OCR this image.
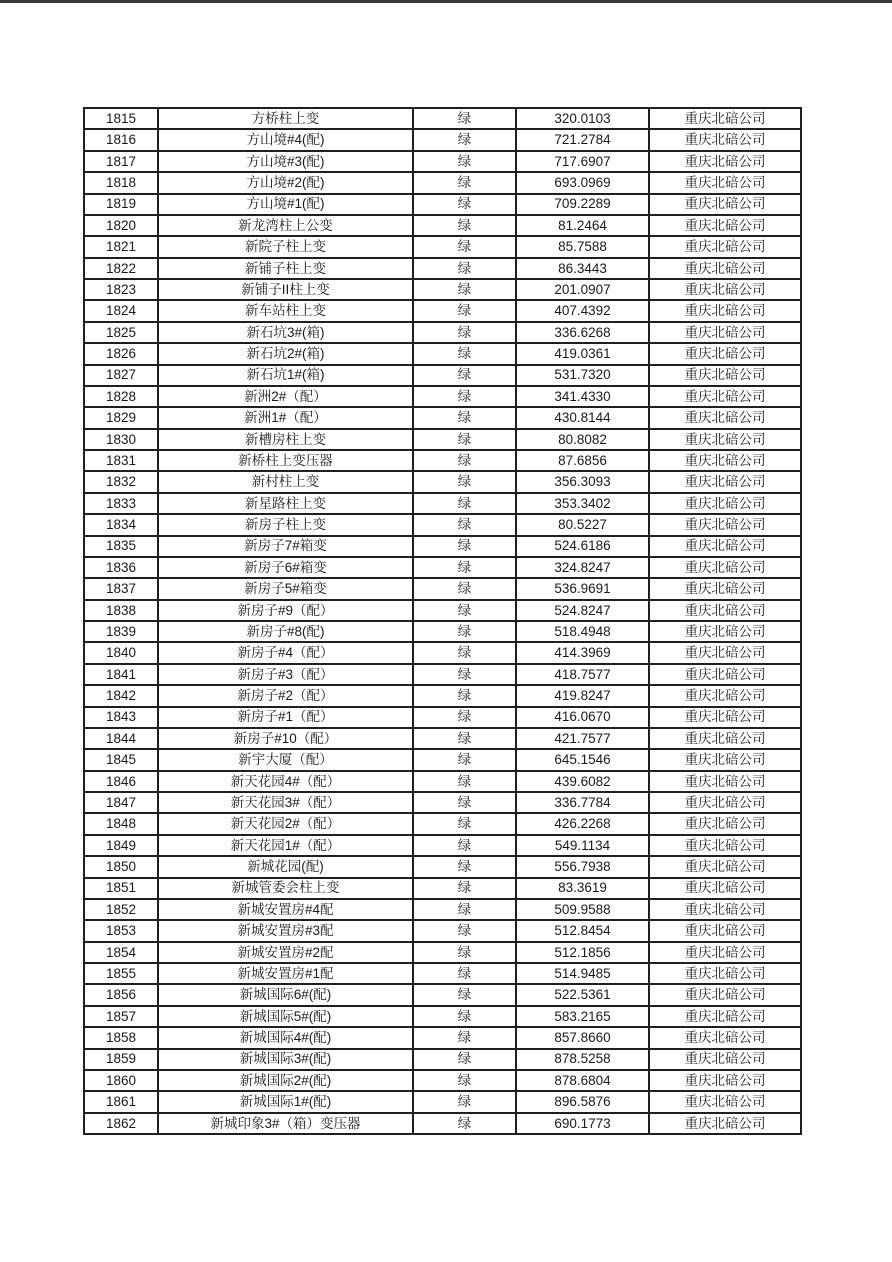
1815	方桥柱上变	绿	320.0103	重庆北碚公司
1816	方山境#4(配)	绿	721.2784	重庆北碚公司
1817	方山境#3(配)	绿	717.6907	重庆北碚公司
1818	方山境#2(配)	绿	693.0969	重庆北碚公司
1819	方山境#1(配)	绿	709.2289	重庆北碚公司
1820	新龙湾柱上公变	绿	81.2464	重庆北碚公司
1821	新院子柱上变	绿	85.7588	重庆北碚公司
1822	新铺子柱上变	绿	86.3443	重庆北碚公司
1823	新铺子II柱上变	绿	201.0907	重庆北碚公司
1824	新车站柱上变	绿	407.4392	重庆北碚公司
1825	新石坑3#(箱)	绿	336.6268	重庆北碚公司
1826	新石坑2#(箱)	绿	419.0361	重庆北碚公司
1827	新石坑1#(箱)	绿	531.7320	重庆北碚公司
1828	新洲2#（配）	绿	341.4330	重庆北碚公司
1829	新洲1#（配）	绿	430.8144	重庆北碚公司
1830	新槽房柱上变	绿	80.8082	重庆北碚公司
1831	新桥柱上变压器	绿	87.6856	重庆北碚公司
1832	新村柱上变	绿	356.3093	重庆北碚公司
1833	新星路柱上变	绿	353.3402	重庆北碚公司
1834	新房子柱上变	绿	80.5227	重庆北碚公司
1835	新房子7#箱变	绿	524.6186	重庆北碚公司
1836	新房子6#箱变	绿	324.8247	重庆北碚公司
1837	新房子5#箱变	绿	536.9691	重庆北碚公司
1838	新房子#9（配）	绿	524.8247	重庆北碚公司
1839	新房子#8(配)	绿	518.4948	重庆北碚公司
1840	新房子#4（配）	绿	414.3969	重庆北碚公司
1841	新房子#3（配）	绿	418.7577	重庆北碚公司
1842	新房子#2（配）	绿	419.8247	重庆北碚公司
1843	新房子#1（配）	绿	416.0670	重庆北碚公司
1844	新房子#10（配）	绿	421.7577	重庆北碚公司
1845	新宇大厦（配）	绿	645.1546	重庆北碚公司
1846	新天花园4#（配）	绿	439.6082	重庆北碚公司
1847	新天花园3#（配）	绿	336.7784	重庆北碚公司
1848	新天花园2#（配）	绿	426.2268	重庆北碚公司
1849	新天花园1#（配）	绿	549.1134	重庆北碚公司
1850	新城花园(配)	绿	556.7938	重庆北碚公司
1851	新城管委会柱上变	绿	83.3619	重庆北碚公司
1852	新城安置房#4配	绿	509.9588	重庆北碚公司
1853	新城安置房#3配	绿	512.8454	重庆北碚公司
1854	新城安置房#2配	绿	512.1856	重庆北碚公司
1855	新城安置房#1配	绿	514.9485	重庆北碚公司
1856	新城国际6#(配)	绿	522.5361	重庆北碚公司
1857	新城国际5#(配)	绿	583.2165	重庆北碚公司
1858	新城国际4#(配)	绿	857.8660	重庆北碚公司
1859	新城国际3#(配)	绿	878.5258	重庆北碚公司
1860	新城国际2#(配)	绿	878.6804	重庆北碚公司
1861	新城国际1#(配)	绿	896.5876	重庆北碚公司
1862	新城印象3#（箱）变压器	绿	690.1773	重庆北碚公司
